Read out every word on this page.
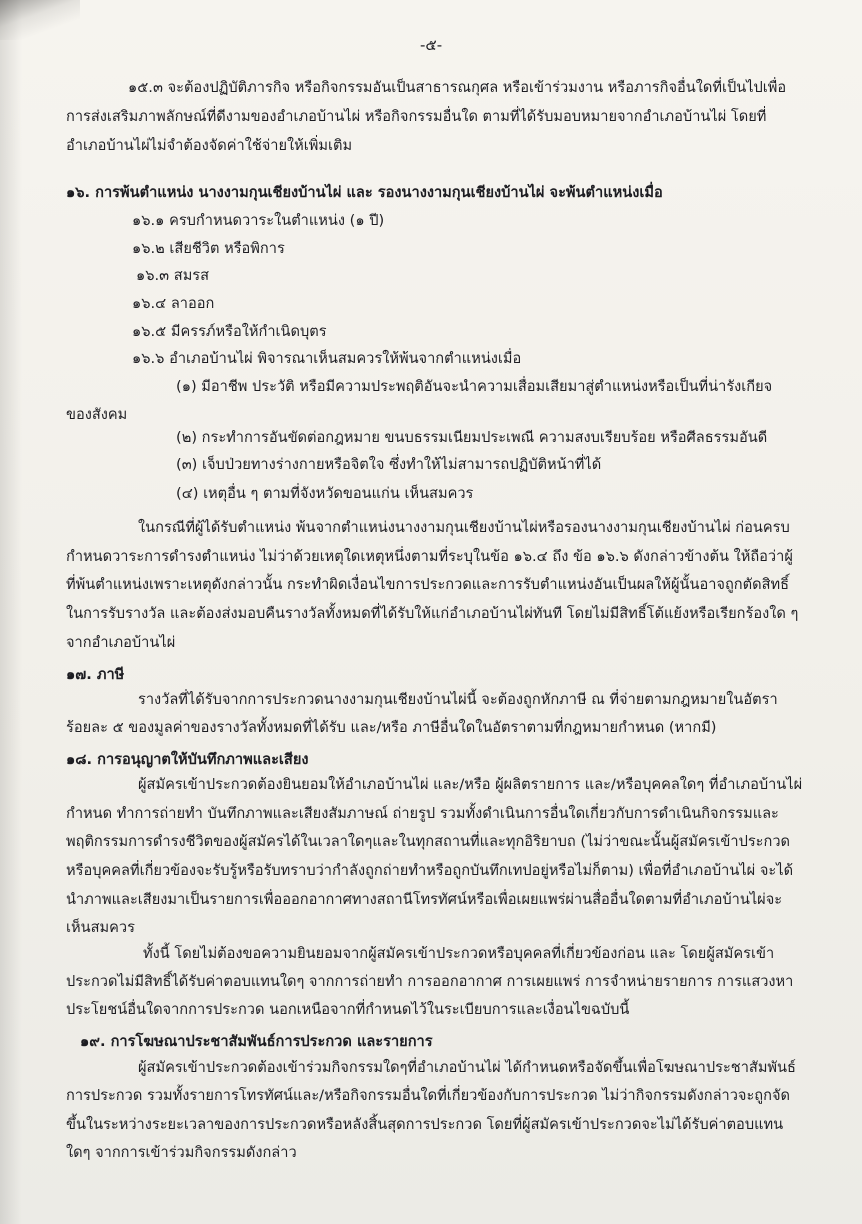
-๕-
๑๕.๓ จะต้องปฏิบัติภารกิจ หรือกิจกรรมอันเป็นสาธารณกุศล หรือเข้าร่วมงาน หรือภารกิจอื่นใดที่เป็นไปเพื่อ
การส่งเสริมภาพลักษณ์ที่ดีงามของอำเภอบ้านไผ่ หรือกิจกรรมอื่นใด ตามที่ได้รับมอบหมายจากอำเภอบ้านไผ่ โดยที่
อำเภอบ้านไผ่ไม่จำต้องจัดค่าใช้จ่ายให้เพิ่มเติม
๑๖. การพ้นตำแหน่ง นางงามกุนเชียงบ้านไผ่ และ รองนางงามกุนเชียงบ้านไผ่ จะพ้นตำแหน่งเมื่อ
๑๖.๑ ครบกำหนดวาระในตำแหน่ง (๑ ปี)
๑๖.๒ เสียชีวิต หรือพิการ
๑๖.๓ สมรส
๑๖.๔ ลาออก
๑๖.๕ มีครรภ์หรือให้กำเนิดบุตร
๑๖.๖ อำเภอบ้านไผ่ พิจารณาเห็นสมควรให้พ้นจากตำแหน่งเมื่อ
(๑) มีอาชีพ ประวัติ หรือมีความประพฤติอันจะนำความเสื่อมเสียมาสู่ตำแหน่งหรือเป็นที่น่ารังเกียจ
ของสังคม
(๒) กระทำการอันขัดต่อกฎหมาย ขนบธรรมเนียมประเพณี ความสงบเรียบร้อย หรือศีลธรรมอันดี
(๓) เจ็บป่วยทางร่างกายหรือจิตใจ ซึ่งทำให้ไม่สามารถปฏิบัติหน้าที่ได้
(๔) เหตุอื่น ๆ ตามที่จังหวัดขอนแก่น เห็นสมควร
ในกรณีที่ผู้ได้รับตำแหน่ง พ้นจากตำแหน่งนางงามกุนเชียงบ้านไผ่หรือรองนางงามกุนเชียงบ้านไผ่ ก่อนครบ
กำหนดวาระการดำรงตำแหน่ง ไม่ว่าด้วยเหตุใดเหตุหนึ่งตามที่ระบุในข้อ ๑๖.๔ ถึง ข้อ ๑๖.๖ ดังกล่าวข้างต้น ให้ถือว่าผู้
ที่พ้นตำแหน่งเพราะเหตุดังกล่าวนั้น กระทำผิดเงื่อนไขการประกวดและการรับตำแหน่งอันเป็นผลให้ผู้นั้นอาจถูกตัดสิทธิ์
ในการรับรางวัล และต้องส่งมอบคืนรางวัลทั้งหมดที่ได้รับให้แก่อำเภอบ้านไผ่ทันที โดยไม่มีสิทธิ์โต้แย้งหรือเรียกร้องใด ๆ
จากอำเภอบ้านไผ่
๑๗. ภาษี
รางวัลที่ได้รับจากการประกวดนางงามกุนเชียงบ้านไผ่นี้ จะต้องถูกหักภาษี ณ ที่จ่ายตามกฎหมายในอัตรา
ร้อยละ ๕ ของมูลค่าของรางวัลทั้งหมดที่ได้รับ และ/หรือ ภาษีอื่นใดในอัตราตามที่กฎหมายกำหนด (หากมี)
๑๘. การอนุญาตให้บันทึกภาพและเสียง
ผู้สมัครเข้าประกวดต้องยินยอมให้อำเภอบ้านไผ่ และ/หรือ ผู้ผลิตรายการ และ/หรือบุคคลใดๆ ที่อำเภอบ้านไผ่
กำหนด ทำการถ่ายทำ บันทึกภาพและเสียงสัมภาษณ์ ถ่ายรูป รวมทั้งดำเนินการอื่นใดเกี่ยวกับการดำเนินกิจกรรมและ
พฤติกรรมการดำรงชีวิตของผู้สมัครได้ในเวลาใดๆและในทุกสถานที่และทุกอิริยาบถ (ไม่ว่าขณะนั้นผู้สมัครเข้าประกวด
หรือบุคคลที่เกี่ยวข้องจะรับรู้หรือรับทราบว่ากำลังถูกถ่ายทำหรือถูกบันทึกเทปอยู่หรือไม่ก็ตาม) เพื่อที่อำเภอบ้านไผ่ จะได้
นำภาพและเสียงมาเป็นรายการเพื่อออกอากาศทางสถานีโทรทัศน์หรือเพื่อเผยแพร่ผ่านสื่ออื่นใดตามที่อำเภอบ้านไผ่จะ
เห็นสมควร
ทั้งนี้ โดยไม่ต้องขอความยินยอมจากผู้สมัครเข้าประกวดหรือบุคคลที่เกี่ยวข้องก่อน และ โดยผู้สมัครเข้า
ประกวดไม่มีสิทธิ์ได้รับค่าตอบแทนใดๆ จากการถ่ายทำ การออกอากาศ การเผยแพร่ การจำหน่ายรายการ การแสวงหา
ประโยชน์อื่นใดจากการประกวด นอกเหนือจากที่กำหนดไว้ในระเบียบการและเงื่อนไขฉบับนี้
๑๙. การโฆษณาประชาสัมพันธ์การประกวด และรายการ
ผู้สมัครเข้าประกวดต้องเข้าร่วมกิจกรรมใดๆที่อำเภอบ้านไผ่ ได้กำหนดหรือจัดขึ้นเพื่อโฆษณาประชาสัมพันธ์
การประกวด รวมทั้งรายการโทรทัศน์และ/หรือกิจกรรมอื่นใดที่เกี่ยวข้องกับการประกวด ไม่ว่ากิจกรรมดังกล่าวจะถูกจัด
ขึ้นในระหว่างระยะเวลาของการประกวดหรือหลังสิ้นสุดการประกวด โดยที่ผู้สมัครเข้าประกวดจะไม่ได้รับค่าตอบแทน
ใดๆ จากการเข้าร่วมกิจกรรมดังกล่าว
